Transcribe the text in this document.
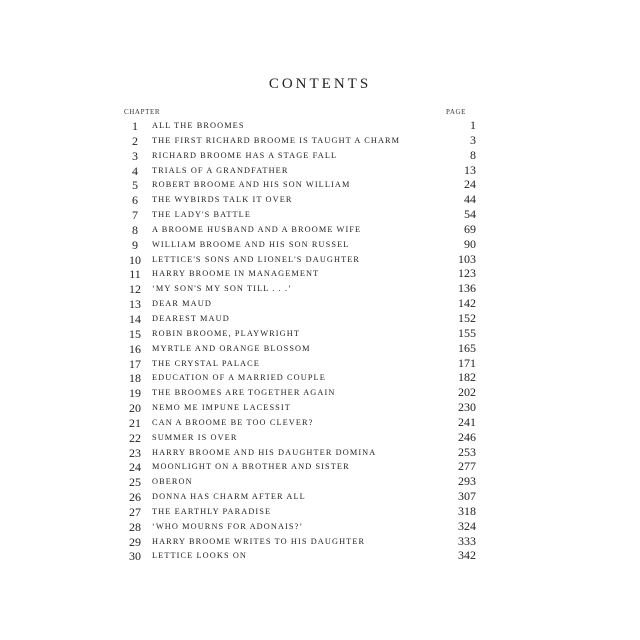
CONTENTS
CHAPTER	PAGE
1	ALL THE BROOMES	1
2	THE FIRST RICHARD BROOME IS TAUGHT A CHARM	3
3	RICHARD BROOME HAS A STAGE FALL	8
4	TRIALS OF A GRANDFATHER	13
5	ROBERT BROOME AND HIS SON WILLIAM	24
6	THE WYBIRDS TALK IT OVER	44
7	THE LADY'S BATTLE	54
8	A BROOME HUSBAND AND A BROOME WIFE	69
9	WILLIAM BROOME AND HIS SON RUSSEL	90
10	LETTICE'S SONS AND LIONEL'S DAUGHTER	103
11	HARRY BROOME IN MANAGEMENT	123
12	‘MY SON'S MY SON TILL . . .’	136
13	DEAR MAUD	142
14	DEAREST MAUD	152
15	ROBIN BROOME, PLAYWRIGHT	155
16	MYRTLE AND ORANGE BLOSSOM	165
17	THE CRYSTAL PALACE	171
18	EDUCATION OF A MARRIED COUPLE	182
19	THE BROOMES ARE TOGETHER AGAIN	202
20	NEMO ME IMPUNE LACESSIT	230
21	CAN A BROOME BE TOO CLEVER?	241
22	SUMMER IS OVER	246
23	HARRY BROOME AND HIS DAUGHTER DOMINA	253
24	MOONLIGHT ON A BROTHER AND SISTER	277
25	OBERON	293
26	DONNA HAS CHARM AFTER ALL	307
27	THE EARTHLY PARADISE	318
28	‘WHO MOURNS FOR ADONAIS?’	324
29	HARRY BROOME WRITES TO HIS DAUGHTER	333
30	LETTICE LOOKS ON	342
